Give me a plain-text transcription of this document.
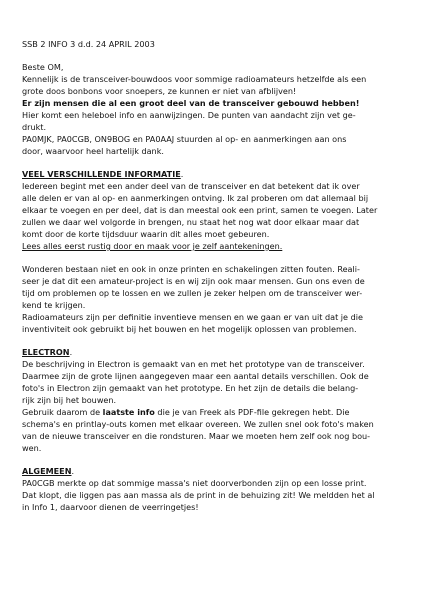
SSB 2 INFO 3 d.d. 24 APRIL 2003
Beste OM,
Kennelijk is de transceiver-bouwdoos voor sommige radioamateurs hetzelfde als een
grote doos bonbons voor snoepers, ze kunnen er niet van afblijven!
Er zijn mensen die al een groot deel van de transceiver gebouwd hebben!
Hier komt een heleboel info en aanwijzingen. De punten van aandacht zijn vet ge-
drukt.
PA0MJK, PA0CGB, ON9BOG en PA0AAJ stuurden al op- en aanmerkingen aan ons
door, waarvoor heel hartelijk dank.
VEEL VERSCHILLENDE INFORMATIE.
Iedereen begint met een ander deel van de transceiver en dat betekent dat ik over
alle delen er van al op- en aanmerkingen ontving. Ik zal proberen om dat allemaal bij
elkaar te voegen en per deel, dat is dan meestal ook een print, samen te voegen. Later
zullen we daar wel volgorde in brengen, nu staat het nog wat door elkaar maar dat
komt door de korte tijdsduur waarin dit alles moet gebeuren.
Lees alles eerst rustig door en maak voor je zelf aantekeningen.
Wonderen bestaan niet en ook in onze printen en schakelingen zitten fouten. Reali-
seer je dat dit een amateur-project is en wij zijn ook maar mensen. Gun ons even de
tijd om problemen op te lossen en we zullen je zeker helpen om de transceiver wer-
kend te krijgen.
Radioamateurs zijn per definitie inventieve mensen en we gaan er van uit dat je die
inventiviteit ook gebruikt bij het bouwen en het mogelijk oplossen van problemen.
ELECTRON.
De beschrijving in Electron is gemaakt van en met het prototype van de transceiver.
Daarmee zijn de grote lijnen aangegeven maar een aantal details verschillen. Ook de
foto's in Electron zijn gemaakt van het prototype. En het zijn de details die belang-
rijk zijn bij het bouwen.
Gebruik daarom de laatste info die je van Freek als PDF-file gekregen hebt. Die
schema's en printlay-outs komen met elkaar overeen. We zullen snel ook foto's maken
van de nieuwe transceiver en die rondsturen. Maar we moeten hem zelf ook nog bou-
wen.
ALGEMEEN.
PA0CGB merkte op dat sommige massa's niet doorverbonden zijn op een losse print.
Dat klopt, die liggen pas aan massa als de print in de behuizing zit! We meldden het al
in Info 1, daarvoor dienen de veerringetjes!
